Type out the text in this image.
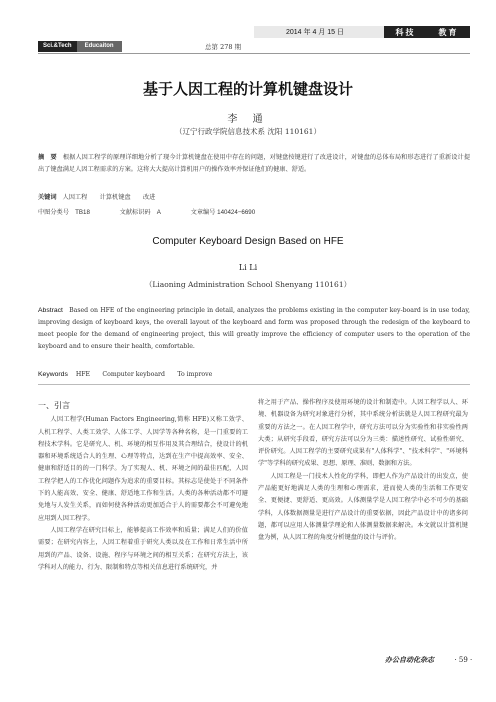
Sci.&Tech	Educaiton	总第 278 期
2014 年 4 月 15 日	科技	教育
基于人因工程的计算机键盘设计
李 通
（辽宁行政学院信息技术系 沈阳 110161）
摘　要 根据人因工程学的原理详细地分析了现今计算机键盘在使用中存在的问题，对键盘按键进行了改进设计，对键盘的总体布局和形态进行了重新设计提出了键盘满足人因工程需求的方案。这将大大提高计算机用户的操作效率并保证他们的健康、舒适。
关键词 人因工程　　计算机键盘　　改进
中图分类号　TB18	文献标识码　A	文章编号 140424−6690
Computer Keyboard Design Based on HFE
Li Li
（Liaoning Administration School Shenyang 110161）
Abstract Based on HFE of the engineering principle in detail, analyzes the problems existing in the computer key-board is in use today, improving design of keyboard keys, the overall layout of the keyboard and form was proposed through the redesign of the keyboard to meet people for the demand of engineering project, this will greatly improve the efficiency of computer users to the operation of the keyboard and to ensure their health, comfortable.
Keywords HFE　　Computer keyboard　　To improve
一、引言

人因工程学(Human Factors Engineering,简称 HFE)又称工效学、人机工程学、人类工效学、人体工学、人因学等各种名称，是一门重要的工程技术学科。它是研究人、机、环境的相互作用及其合理结合，使设计的机器和环境系统适合人的生理、心理等特点，达到在生产中提高效率、安全、健康和舒适目的的一门科学。为了实现人、机、环境之间的最佳匹配，人因工程学把人的工作优化问题作为追求的重要目标。其标志是使处于不同条件下的人能高效、安全、健康、舒适地工作和生活。人类的各种活动都不可避免地与人发生关系，而如何使各种活动更加适合于人的需要都会不可避免地应用到人因工程学。

人因工程学在研究目标上，能够提高工作效率和质量；满足人们的价值需要；在研究内容上，人因工程着重于研究人类以及在工作和日常生活中所用到的产品、设备、设施、程序与环境之间的相互关系；在研究方法上，该学科对人的能力、行为、限制和特点等相关信息进行系统研究，并

将之用于产品、操作程序及使用环境的设计和制造中。人因工程学以人、环境、机器设备为研究对象进行分析，其中系统分析法就是人因工程研究最为重要的方法之一。在人因工程学中，研究方法可以分为实验性和非实验性两大类；从研究手段看，研究方法可以分为三类：描述性研究、试验性研究、评价研究。人因工程学的主要研究成果有"人体科学"、"技术科学"、"环境科学"等学科的研究成果、思想、原理、准则、数据和方法。

人因工程是一门技术人性化的学科，即把人作为产品设计的出发点，使产品能更好地满足人类的生理和心理需求，进而使人类的生活和工作更安全、更便捷、更舒适、更高效。人体测量学是人因工程学中必不可少的基础学科，人体数据测量是进行产品设计的重要依据，因此产品设计中的诸多问题，都可以应用人体测量学理论和人体测量数据来解决。本文就以计算机键盘为例，从人因工程的角度分析键盘的设计与评价。

办公自动化杂志	· 59 ·
